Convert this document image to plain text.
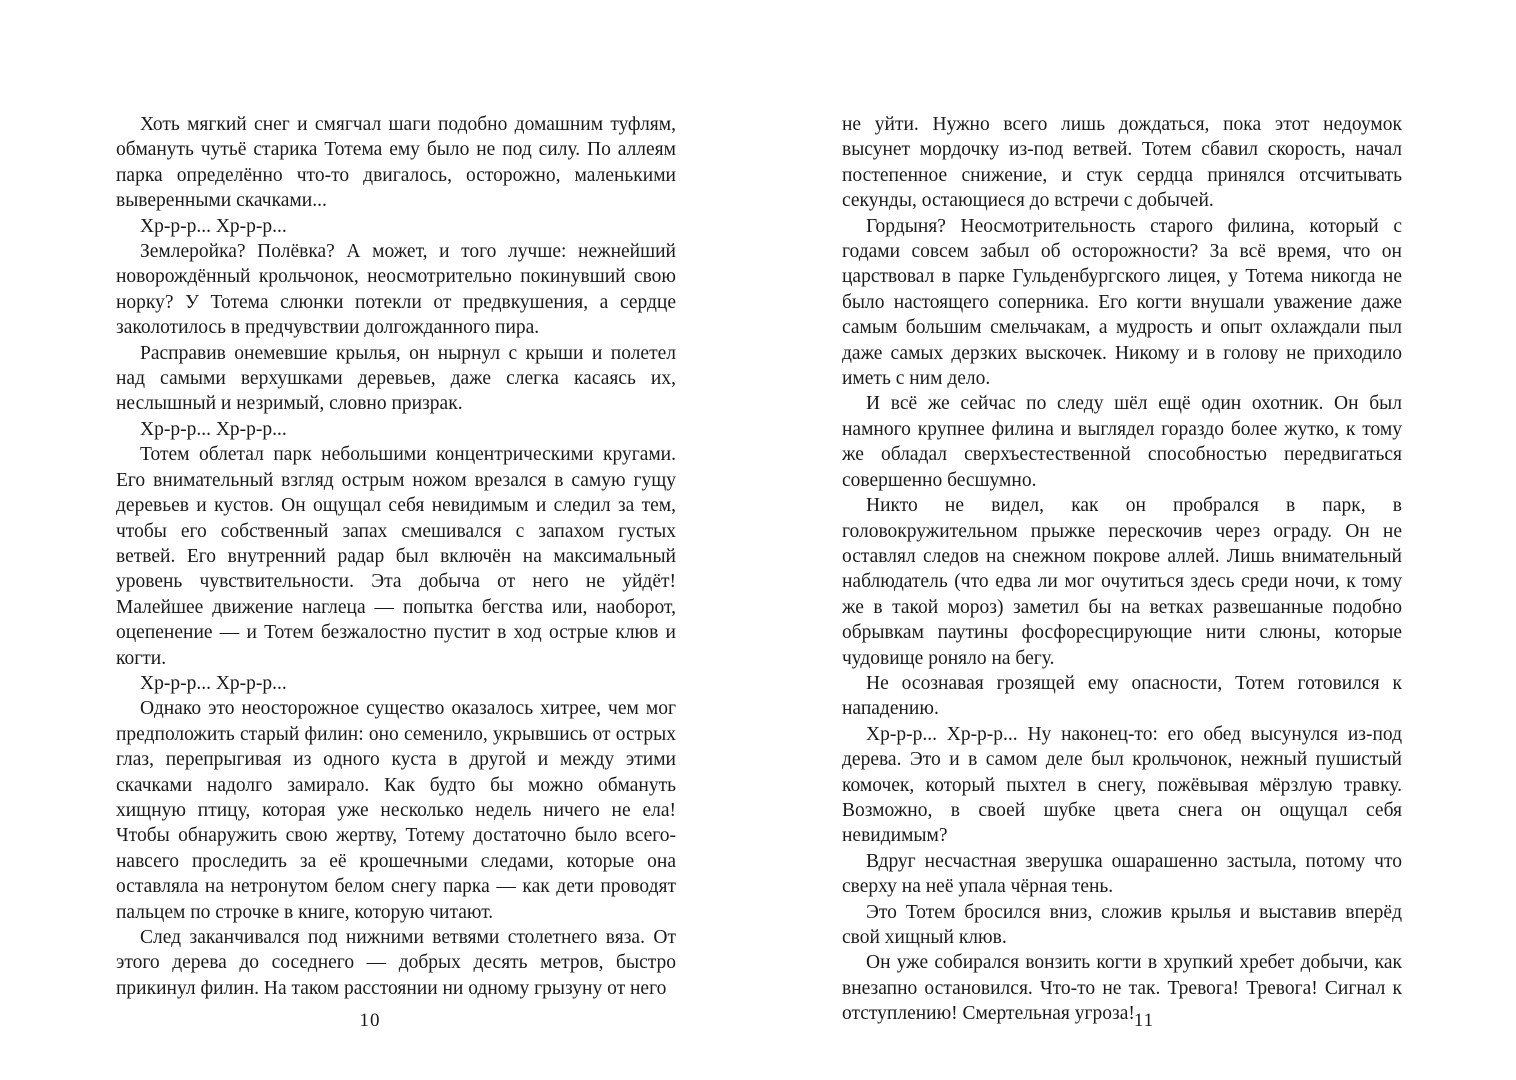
Хоть мягкий снег и смягчал шаги подобно домашним туфлям, обмануть чутьё старика Тотема ему было не под силу. По аллеям парка определённо что-то двигалось, осторожно, маленькими выверенными скачками...

Хр-р-р... Хр-р-р...

Землеройка? Полёвка? А может, и того лучше: нежнейший новорождённый крольчонок, неосмотрительно покинувший свою норку? У Тотема слюнки потекли от предвкушения, а сердце заколотилось в предчувствии долгожданного пира.

Расправив онемевшие крылья, он нырнул с крыши и полетел над самыми верхушками деревьев, даже слегка касаясь их, неслышный и незримый, словно призрак.

Хр-р-р... Хр-р-р...

Тотем облетал парк небольшими концентрическими кругами. Его внимательный взгляд острым ножом врезался в самую гущу деревьев и кустов. Он ощущал себя невидимым и следил за тем, чтобы его собственный запах смешивался с запахом густых ветвей. Его внутренний радар был включён на максимальный уровень чувствительности. Эта добыча от него не уйдёт! Малейшее движение наглеца — попытка бегства или, наоборот, оцепенение — и Тотем безжалостно пустит в ход острые клюв и когти.

Хр-р-р... Хр-р-р...

Однако это неосторожное существо оказалось хитрее, чем мог предположить старый филин: оно семенило, укрывшись от острых глаз, перепрыгивая из одного куста в другой и между этими скачками надолго замирало. Как будто бы можно обмануть хищную птицу, которая уже несколько недель ничего не ела! Чтобы обнаружить свою жертву, Тотему достаточно было всего-навсего проследить за её крошечными следами, которые она оставляла на нетронутом белом снегу парка — как дети проводят пальцем по строчке в книге, которую читают.

След заканчивался под нижними ветвями столетнего вяза. От этого дерева до соседнего — добрых десять метров, быстро прикинул филин. На таком расстоянии ни одному грызуну от него

10

не уйти. Нужно всего лишь дождаться, пока этот недоумок высунет мордочку из-под ветвей. Тотем сбавил скорость, начал постепенное снижение, и стук сердца принялся отсчитывать секунды, остающиеся до встречи с добычей.

Гордыня? Неосмотрительность старого филина, который с годами совсем забыл об осторожности? За всё время, что он царствовал в парке Гульденбургского лицея, у Тотема никогда не было настоящего соперника. Его когти внушали уважение даже самым большим смельчакам, а мудрость и опыт охлаждали пыл даже самых дерзких выскочек. Никому и в голову не приходило иметь с ним дело.

И всё же сейчас по следу шёл ещё один охотник. Он был намного крупнее филина и выглядел гораздо более жутко, к тому же обладал сверхъестественной способностью передвигаться совершенно бесшумно.

Никто не видел, как он пробрался в парк, в головокружительном прыжке перескочив через ограду. Он не оставлял следов на снежном покрове аллей. Лишь внимательный наблюдатель (что едва ли мог очутиться здесь среди ночи, к тому же в такой мороз) заметил бы на ветках развешанные подобно обрывкам паутины фосфоресцирующие нити слюны, которые чудовище роняло на бегу.

Не осознавая грозящей ему опасности, Тотем готовился к нападению.

Хр-р-р... Хр-р-р... Ну наконец-то: его обед высунулся из-под дерева. Это и в самом деле был крольчонок, нежный пушистый комочек, который пыхтел в снегу, пожёвывая мёрзлую травку. Возможно, в своей шубке цвета снега он ощущал себя невидимым?

Вдруг несчастная зверушка ошарашенно застыла, потому что сверху на неё упала чёрная тень.

Это Тотем бросился вниз, сложив крылья и выставив вперёд свой хищный клюв.

Он уже собирался вонзить когти в хрупкий хребет добычи, как внезапно остановился. Что-то не так. Тревога! Тревога! Сигнал к отступлению! Смертельная угроза!

11
